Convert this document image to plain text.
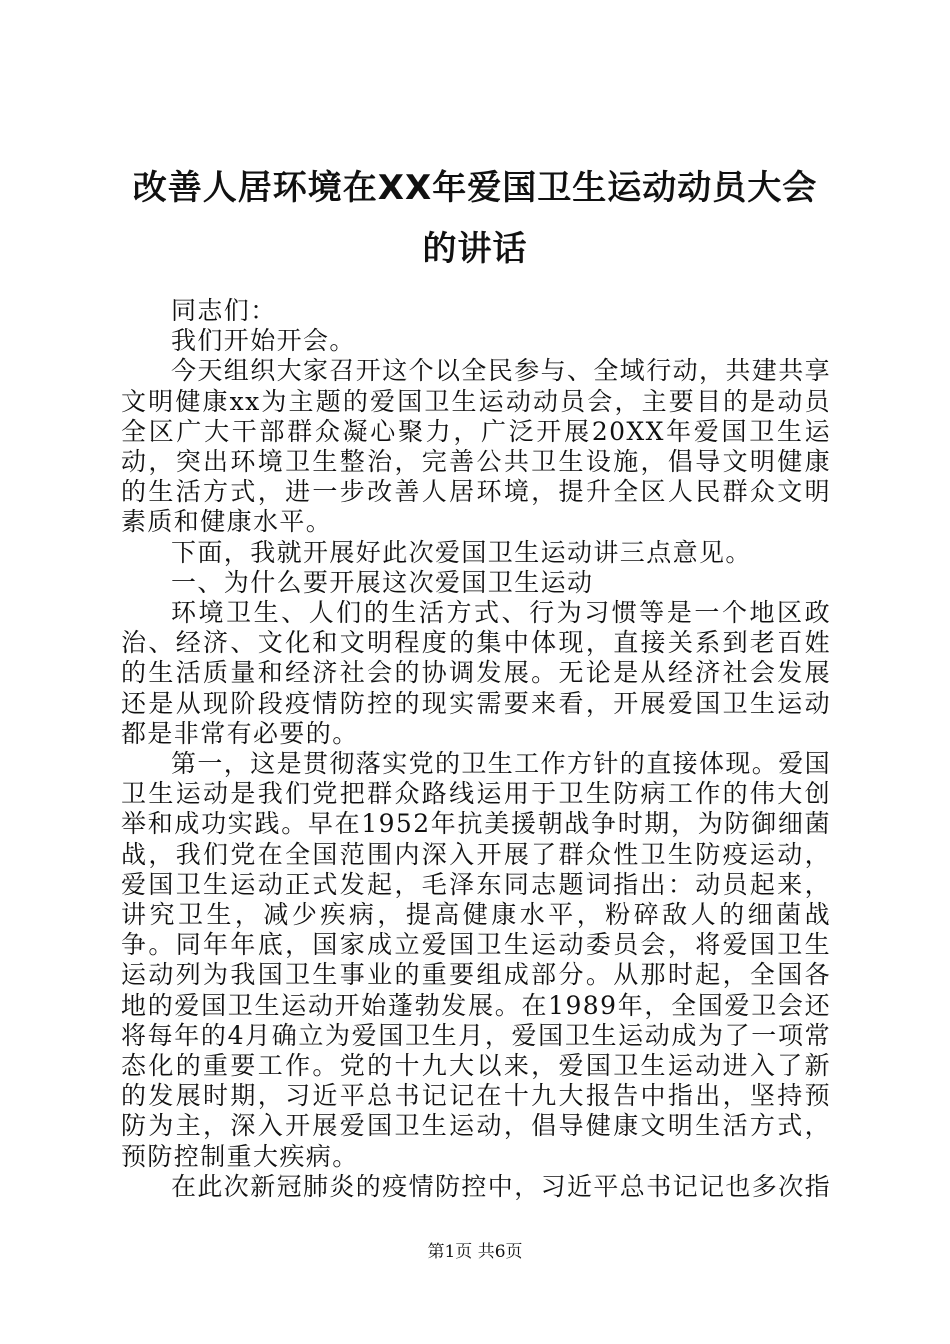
改善人居环境在XX年爱国卫生运动动员大会
的讲话

同志们：

我们开始开会。

今天组织大家召开这个以全民参与、全域行动，共建共享文明健康xx为主题的爱国卫生运动动员会，主要目的是动员全区广大干部群众凝心聚力，广泛开展20XX年爱国卫生运动，突出环境卫生整治，完善公共卫生设施，倡导文明健康的生活方式，进一步改善人居环境，提升全区人民群众文明素质和健康水平。

下面，我就开展好此次爱国卫生运动讲三点意见。

一、为什么要开展这次爱国卫生运动

环境卫生、人们的生活方式、行为习惯等是一个地区政治、经济、文化和文明程度的集中体现，直接关系到老百姓的生活质量和经济社会的协调发展。无论是从经济社会发展还是从现阶段疫情防控的现实需要来看，开展爱国卫生运动都是非常有必要的。

第一，这是贯彻落实党的卫生工作方针的直接体现。爱国卫生运动是我们党把群众路线运用于卫生防病工作的伟大创举和成功实践。早在1952年抗美援朝战争时期，为防御细菌战，我们党在全国范围内深入开展了群众性卫生防疫运动，爱国卫生运动正式发起，毛泽东同志题词指出：动员起来，讲究卫生，减少疾病，提高健康水平，粉碎敌人的细菌战争。同年年底，国家成立爱国卫生运动委员会，将爱国卫生运动列为我国卫生事业的重要组成部分。从那时起，全国各地的爱国卫生运动开始蓬勃发展。在1989年，全国爱卫会还将每年的4月确立为爱国卫生月，爱国卫生运动成为了一项常态化的重要工作。党的十九大以来，爱国卫生运动进入了新的发展时期，习近平总书记记在十九大报告中指出，坚持预防为主，深入开展爱国卫生运动，倡导健康文明生活方式，预防控制重大疾病。

在此次新冠肺炎的疫情防控中，习近平总书记记也多次指

第1页 共6页
